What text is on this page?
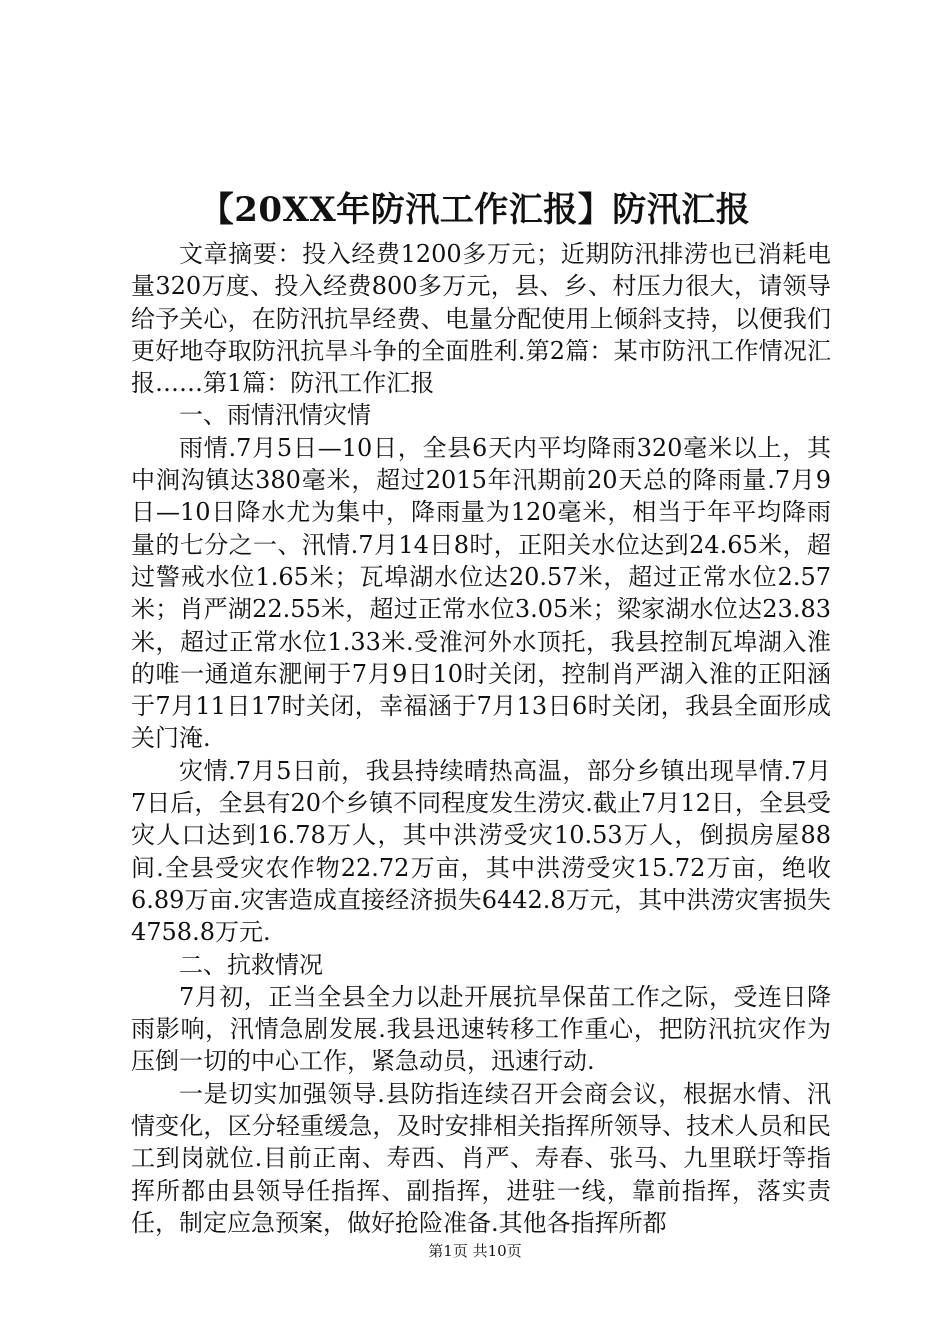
【20XX年防汛工作汇报】防汛汇报

文章摘要：投入经费1200多万元；近期防汛排涝也已消耗电量320万度、投入经费800多万元，县、乡、村压力很大，请领导给予关心，在防汛抗旱经费、电量分配使用上倾斜支持，以便我们更好地夺取防汛抗旱斗争的全面胜利.第2篇：某市防汛工作情况汇报……第1篇：防汛工作汇报

一、雨情汛情灾情

雨情.7月5日—10日，全县6天内平均降雨320毫米以上，其中涧沟镇达380毫米，超过2015年汛期前20天总的降雨量.7月9日—10日降水尤为集中，降雨量为120毫米，相当于年平均降雨量的七分之一、汛情.7月14日8时，正阳关水位达到24.65米，超过警戒水位1.65米；瓦埠湖水位达20.57米，超过正常水位2.57米；肖严湖22.55米，超过正常水位3.05米；梁家湖水位达23.83米，超过正常水位1.33米.受淮河外水顶托，我县控制瓦埠湖入淮的唯一通道东淝闸于7月9日10时关闭，控制肖严湖入淮的正阳涵于7月11日17时关闭，幸福涵于7月13日6时关闭，我县全面形成关门淹.

灾情.7月5日前，我县持续晴热高温，部分乡镇出现旱情.7月7日后，全县有20个乡镇不同程度发生涝灾.截止7月12日，全县受灾人口达到16.78万人，其中洪涝受灾10.53万人，倒损房屋88间.全县受灾农作物22.72万亩，其中洪涝受灾15.72万亩，绝收6.89万亩.灾害造成直接经济损失6442.8万元，其中洪涝灾害损失4758.8万元.

二、抗救情况

7月初，正当全县全力以赴开展抗旱保苗工作之际，受连日降雨影响，汛情急剧发展.我县迅速转移工作重心，把防汛抗灾作为压倒一切的中心工作，紧急动员，迅速行动.

一是切实加强领导.县防指连续召开会商会议，根据水情、汛情变化，区分轻重缓急，及时安排相关指挥所领导、技术人员和民工到岗就位.目前正南、寿西、肖严、寿春、张马、九里联圩等指挥所都由县领导任指挥、副指挥，进驻一线，靠前指挥，落实责任，制定应急预案，做好抢险准备.其他各指挥所都

第1页 共10页
